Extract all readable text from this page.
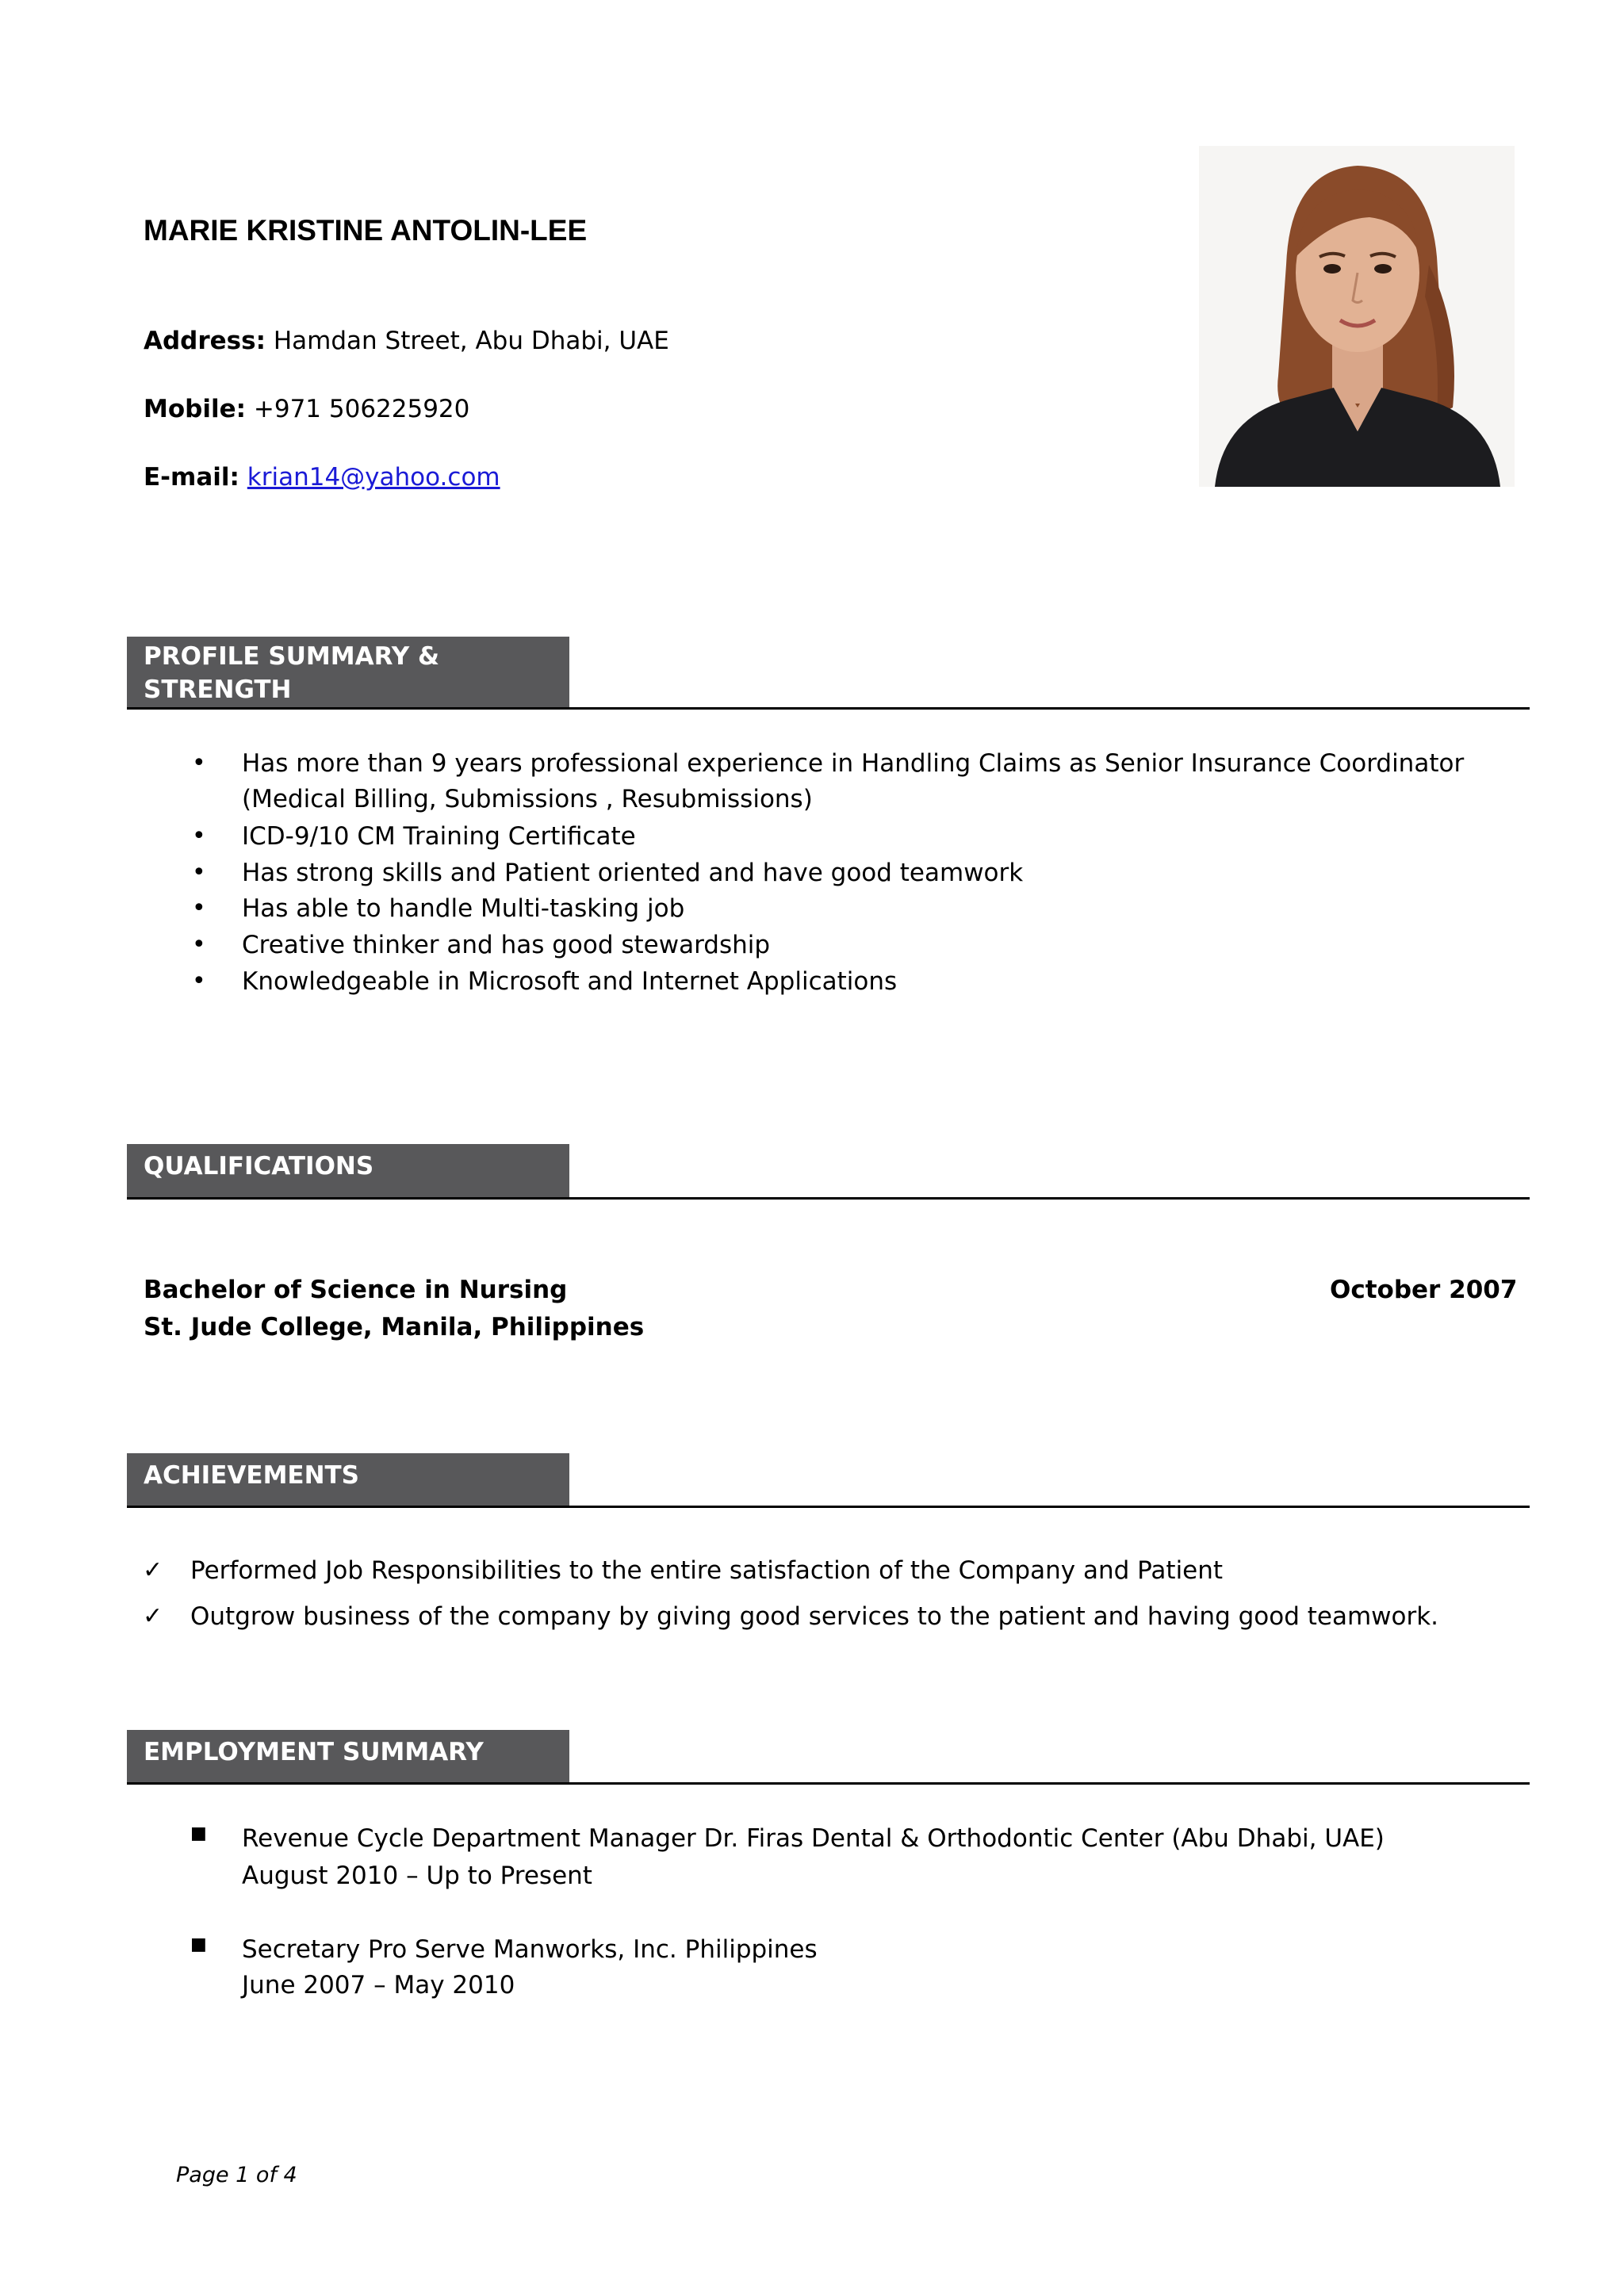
MARIE KRISTINE ANTOLIN-LEE
Address: Hamdan Street, Abu Dhabi, UAE
Mobile: +971 506225920
E-mail: krian14@yahoo.com
PROFILE SUMMARY &
STRENGTH
• Has more than 9 years professional experience in Handling Claims as Senior Insurance Coordinator
(Medical Billing, Submissions , Resubmissions)
• ICD-9/10 CM Training Certificate
• Has strong skills and Patient oriented and have good teamwork
• Has able to handle Multi-tasking job
• Creative thinker and has good stewardship
• Knowledgeable in Microsoft and Internet Applications
QUALIFICATIONS
Bachelor of Science in Nursing	October 2007
St. Jude College, Manila, Philippines
ACHIEVEMENTS
✓ Performed Job Responsibilities to the entire satisfaction of the Company and Patient
✓ Outgrow business of the company by giving good services to the patient and having good teamwork.
EMPLOYMENT SUMMARY
■ Revenue Cycle Department Manager Dr. Firas Dental & Orthodontic Center (Abu Dhabi, UAE)
August 2010 – Up to Present
■ Secretary Pro Serve Manworks, Inc. Philippines
June 2007 – May 2010
Page 1 of 4
